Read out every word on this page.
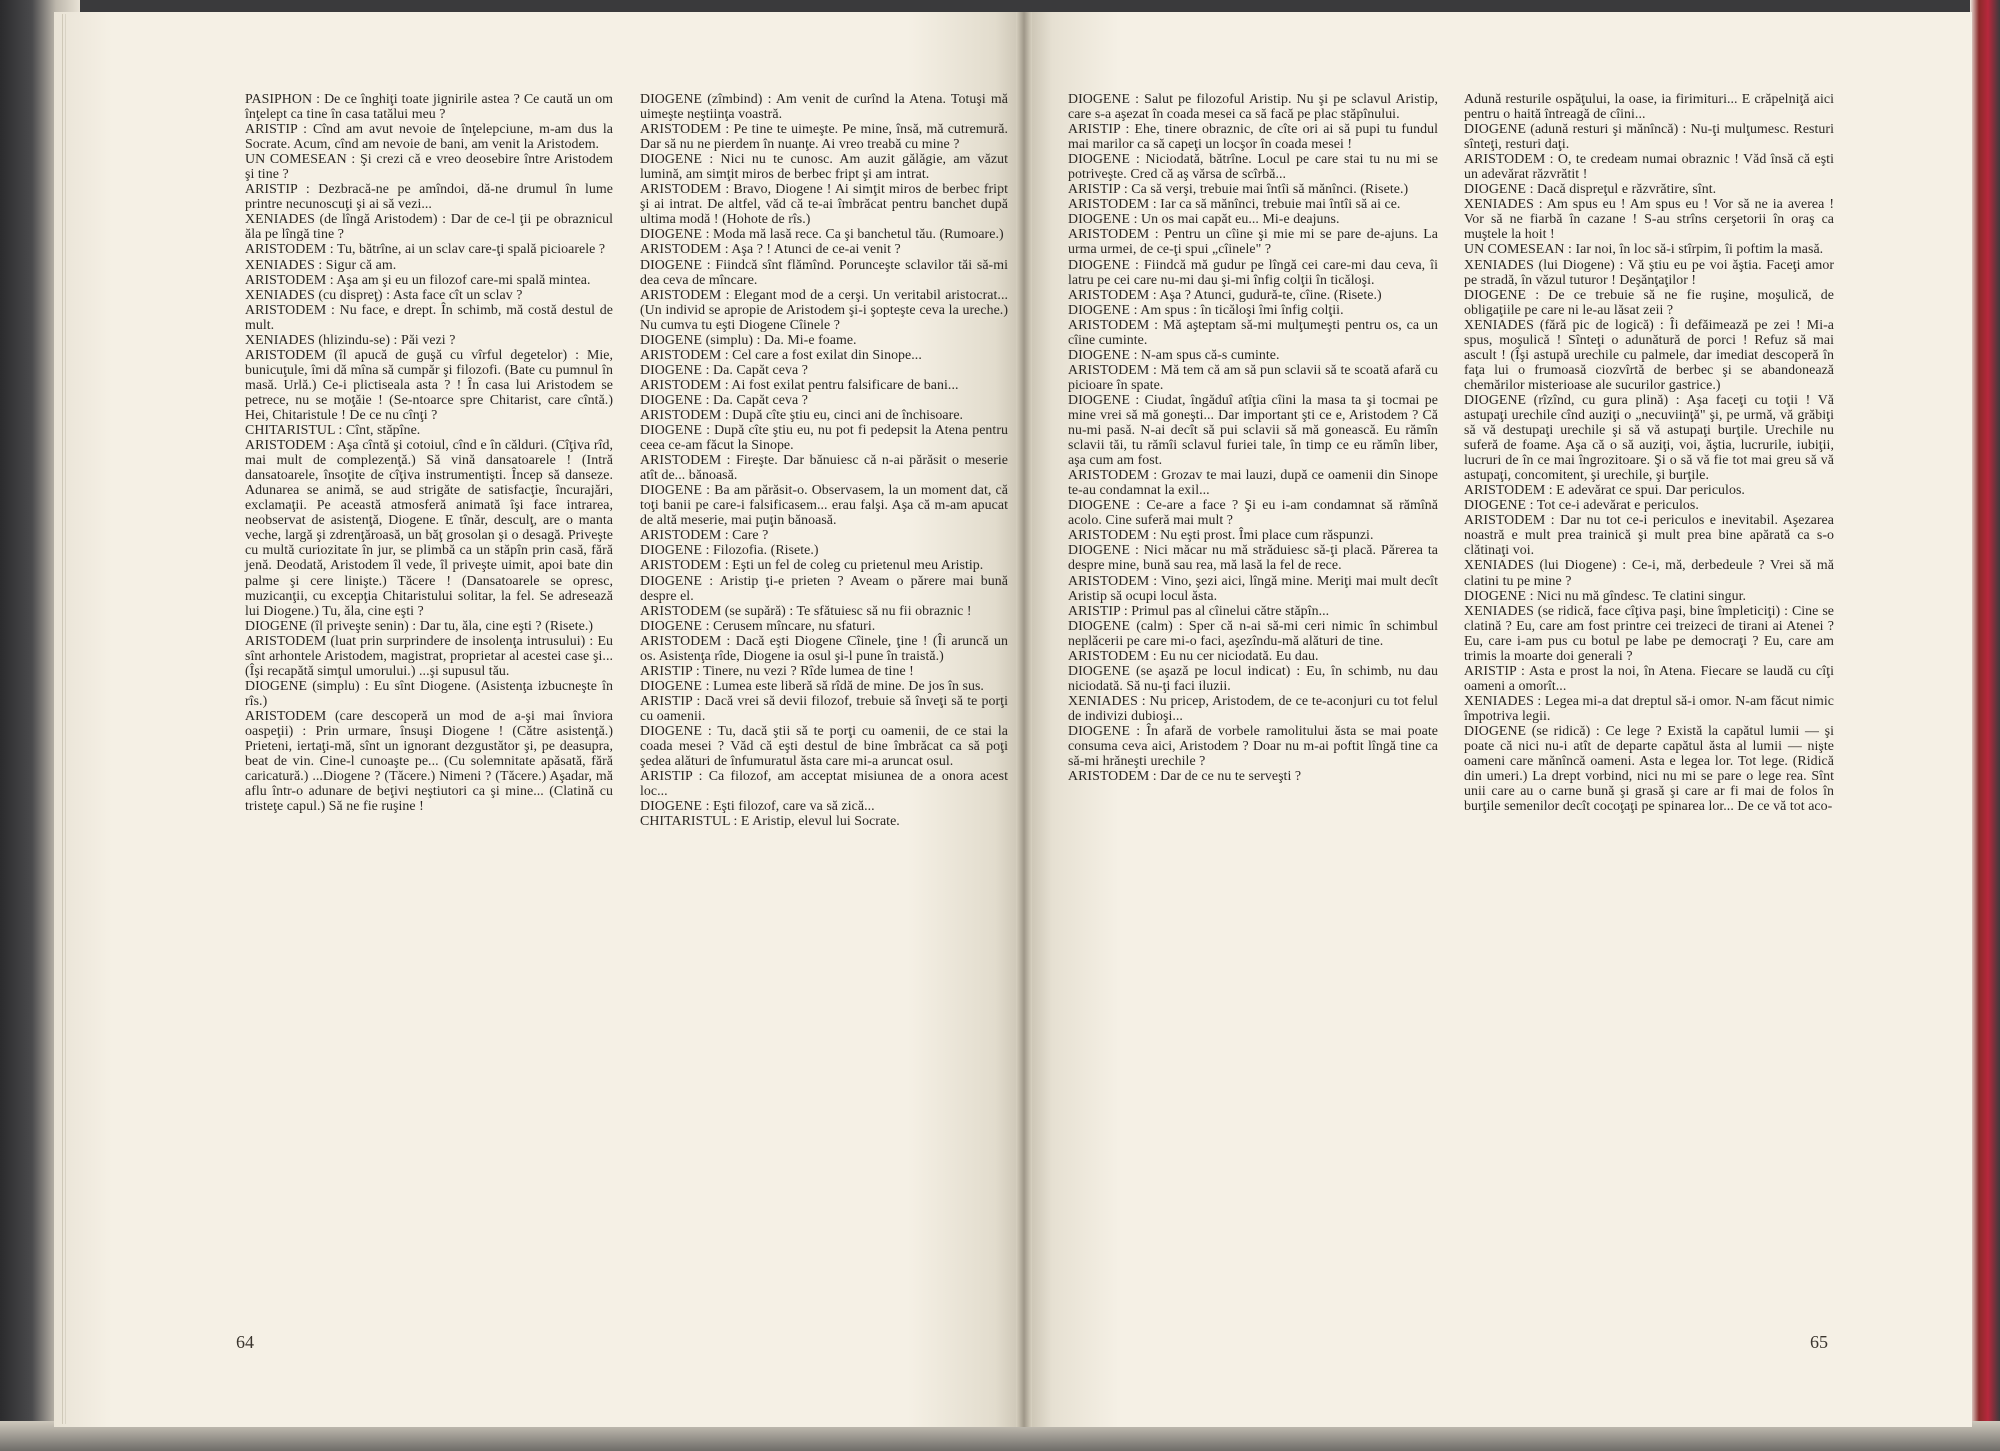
PASIPHON : De ce înghiţi toate jignirile astea ? Ce caută un om înţelept ca tine în casa tatălui meu ?

ARISTIP : Cînd am avut nevoie de înţelepciune, m-am dus la Socrate. Acum, cînd am nevoie de bani, am venit la Aristodem.

UN COMESEAN : Şi crezi că e vreo deosebire între Aristodem şi tine ?

ARISTIP : Dezbracă-ne pe amîndoi, dă-ne drumul în lume printre necunoscuţi şi ai să vezi...

XENIADES (de lîngă Aristodem) : Dar de ce-l ţii pe obraznicul ăla pe lîngă tine ?

ARISTODEM : Tu, bătrîne, ai un sclav care-ţi spală picioarele ?

XENIADES : Sigur că am.

ARISTODEM : Aşa am şi eu un filozof care-mi spală mintea.

XENIADES (cu dispreţ) : Asta face cît un sclav ?

ARISTODEM : Nu face, e drept. În schimb, mă costă destul de mult.

XENIADES (hlizindu-se) : Păi vezi ?

ARISTODEM (îl apucă de guşă cu vîrful degetelor) : Mie, bunicuţule, îmi dă mîna să cumpăr şi filozofi. (Bate cu pumnul în masă. Urlă.) Ce-i plictiseala asta ? ! În casa lui Aristodem se petrece, nu se moţăie ! (Se-ntoarce spre Chitarist, care cîntă.) Hei, Chitaristule ! De ce nu cînţi ?

CHITARISTUL : Cînt, stăpîne.

ARISTODEM : Aşa cîntă şi cotoiul, cînd e în călduri. (Cîţiva rîd, mai mult de complezenţă.) Să vină dansatoarele ! (Intră dansatoarele, însoţite de cîţiva instrumentişti. Încep să danseze. Adunarea se animă, se aud strigăte de satisfacţie, încurajări, exclamaţii. Pe această atmosferă animată îşi face intrarea, neobservat de asistenţă, Diogene. E tînăr, desculţ, are o manta veche, largă şi zdrenţăroasă, un băţ grosolan şi o desagă. Priveşte cu multă curiozitate în jur, se plimbă ca un stăpîn prin casă, fără jenă. Deodată, Aristodem îl vede, îl priveşte uimit, apoi bate din palme şi cere linişte.) Tăcere ! (Dansatoarele se opresc, muzicanţii, cu excepţia Chitaristului solitar, la fel. Se adresează lui Diogene.) Tu, ăla, cine eşti ?

DIOGENE (îl priveşte senin) : Dar tu, ăla, cine eşti ? (Risete.)

ARISTODEM (luat prin surprindere de insolenţa intrusului) : Eu sînt arhontele Aristodem, magistrat, proprietar al acestei case şi... (Îşi recapătă simţul umorului.) ...şi supusul tău.

DIOGENE (simplu) : Eu sînt Diogene. (Asistenţa izbucneşte în rîs.)

ARISTODEM (care descoperă un mod de a-şi mai înviora oaspeţii) : Prin urmare, însuşi Diogene ! (Către asistenţă.) Prieteni, iertaţi-mă, sînt un ignorant dezgustător şi, pe deasupra, beat de vin. Cine-l cunoaşte pe... (Cu solemnitate apăsată, fără caricatură.) ...Diogene ? (Tăcere.) Nimeni ? (Tăcere.) Aşadar, mă aflu într-o adunare de beţivi neştiutori ca şi mine... (Clatină cu tristeţe capul.) Să ne fie ruşine !

DIOGENE (zîmbind) : Am venit de curînd la Atena. Totuşi mă uimeşte neştiinţa voastră.

ARISTODEM : Pe tine te uimeşte. Pe mine, însă, mă cutremură. Dar să nu ne pierdem în nuanţe. Ai vreo treabă cu mine ?

DIOGENE : Nici nu te cunosc. Am auzit gălăgie, am văzut lumină, am simţit miros de berbec fript şi am intrat.

ARISTODEM : Bravo, Diogene ! Ai simţit miros de berbec fript şi ai intrat. De altfel, văd că te-ai îmbrăcat pentru banchet după ultima modă ! (Hohote de rîs.)

DIOGENE : Moda mă lasă rece. Ca şi banchetul tău. (Rumoare.)

ARISTODEM : Aşa ? ! Atunci de ce-ai venit ?

DIOGENE : Fiindcă sînt flămînd. Porunceşte sclavilor tăi să-mi dea ceva de mîncare.

ARISTODEM : Elegant mod de a cerşi. Un veritabil aristocrat... (Un individ se apropie de Aristodem şi-i şopteşte ceva la ureche.) Nu cumva tu eşti Diogene Cîinele ?

DIOGENE (simplu) : Da. Mi-e foame.

ARISTODEM : Cel care a fost exilat din Sinope...

DIOGENE : Da. Capăt ceva ?

ARISTODEM : Ai fost exilat pentru falsificare de bani...

DIOGENE : Da. Capăt ceva ?

ARISTODEM : După cîte ştiu eu, cinci ani de închisoare.

DIOGENE : După cîte ştiu eu, nu pot fi pedepsit la Atena pentru ceea ce-am făcut la Sinope.

ARISTODEM : Fireşte. Dar bănuiesc că n-ai părăsit o meserie atît de... bănoasă.

DIOGENE : Ba am părăsit-o. Observasem, la un moment dat, că toţi banii pe care-i falsificasem... erau falşi. Aşa că m-am apucat de altă meserie, mai puţin bănoasă.

ARISTODEM : Care ?

DIOGENE : Filozofia. (Risete.)

ARISTODEM : Eşti un fel de coleg cu prietenul meu Aristip.

DIOGENE : Aristip ţi-e prieten ? Aveam o părere mai bună despre el.

ARISTODEM (se supără) : Te sfătuiesc să nu fii obraznic !

DIOGENE : Cerusem mîncare, nu sfaturi.

ARISTODEM : Dacă eşti Diogene Cîinele, ţine ! (Îi aruncă un os. Asistenţa rîde, Diogene ia osul şi-l pune în traistă.)

ARISTIP : Tinere, nu vezi ? Rîde lumea de tine !

DIOGENE : Lumea este liberă să rîdă de mine. De jos în sus.

ARISTIP : Dacă vrei să devii filozof, trebuie să înveţi să te porţi cu oamenii.

DIOGENE : Tu, dacă ştii să te porţi cu oamenii, de ce stai la coada mesei ? Văd că eşti destul de bine îmbrăcat ca să poţi şedea alături de înfumuratul ăsta care mi-a aruncat osul.

ARISTIP : Ca filozof, am acceptat misiunea de a onora acest loc...

DIOGENE : Eşti filozof, care va să zică...

CHITARISTUL : E Aristip, elevul lui Socrate.

DIOGENE : Salut pe filozoful Aristip. Nu şi pe sclavul Aristip, care s-a aşezat în coada mesei ca să facă pe plac stăpînului.

ARISTIP : Ehe, tinere obraznic, de cîte ori ai să pupi tu fundul mai marilor ca să capeţi un locşor în coada mesei !

DIOGENE : Niciodată, bătrîne. Locul pe care stai tu nu mi se potriveşte. Cred că aş vărsa de scîrbă...

ARISTIP : Ca să verşi, trebuie mai întîi să mănînci. (Risete.)

ARISTODEM : Iar ca să mănînci, trebuie mai întîi să ai ce.

DIOGENE : Un os mai capăt eu... Mi-e deajuns.

ARISTODEM : Pentru un cîine şi mie mi se pare de-ajuns. La urma urmei, de ce-ţi spui „cîinele" ?

DIOGENE : Fiindcă mă gudur pe lîngă cei care-mi dau ceva, îi latru pe cei care nu-mi dau şi-mi înfig colţii în ticăloşi.

ARISTODEM : Aşa ? Atunci, gudură-te, cîine. (Risete.)

DIOGENE : Am spus : în ticăloşi îmi înfig colţii.

ARISTODEM : Mă aşteptam să-mi mulţumeşti pentru os, ca un cîine cuminte.

DIOGENE : N-am spus că-s cuminte.

ARISTODEM : Mă tem că am să pun sclavii să te scoată afară cu picioare în spate.

DIOGENE : Ciudat, îngăduî atîţia cîini la masa ta şi tocmai pe mine vrei să mă goneşti... Dar important şti ce e, Aristodem ? Că nu-mi pasă. N-ai decît să pui sclavii să mă gonească. Eu rămîn sclavii tăi, tu rămîi sclavul furiei tale, în timp ce eu rămîn liber, aşa cum am fost.

ARISTODEM : Grozav te mai lauzi, după ce oamenii din Sinope te-au condamnat la exil...

DIOGENE : Ce-are a face ? Şi eu i-am condamnat să rămînă acolo. Cine suferă mai mult ?

ARISTODEM : Nu eşti prost. Îmi place cum răspunzi.

DIOGENE : Nici măcar nu mă străduiesc să-ţi placă. Părerea ta despre mine, bună sau rea, mă lasă la fel de rece.

ARISTODEM : Vino, şezi aici, lîngă mine. Meriţi mai mult decît Aristip să ocupi locul ăsta.

ARISTIP : Primul pas al cîinelui către stăpîn...

DIOGENE (calm) : Sper că n-ai să-mi ceri nimic în schimbul neplăcerii pe care mi-o faci, aşezîndu-mă alături de tine.

ARISTODEM : Eu nu cer niciodată. Eu dau.

DIOGENE (se aşază pe locul indicat) : Eu, în schimb, nu dau niciodată. Să nu-ţi faci iluzii.

XENIADES : Nu pricep, Aristodem, de ce te-aconjuri cu tot felul de indivizi dubioşi...

DIOGENE : În afară de vorbele ramolitului ăsta se mai poate consuma ceva aici, Aristodem ? Doar nu m-ai poftit lîngă tine ca să-mi hrăneşti urechile ?

ARISTODEM : Dar de ce nu te serveşti ?

Adună resturile ospăţului, la oase, ia firimituri... E crăpelniţă aici pentru o haită întreagă de cîini...

DIOGENE (adună resturi şi mănîncă) : Nu-ţi mulţumesc. Resturi sînteţi, resturi daţi.

ARISTODEM : O, te credeam numai obraznic ! Văd însă că eşti un adevărat răzvrătit !

DIOGENE : Dacă dispreţul e răzvrătire, sînt.

XENIADES : Am spus eu ! Am spus eu ! Vor să ne ia averea ! Vor să ne fiarbă în cazane ! S-au strîns cerşetorii în oraş ca muştele la hoit !

UN COMESEAN : Iar noi, în loc să-i stîrpim, îi poftim la masă.

XENIADES (lui Diogene) : Vă ştiu eu pe voi ăştia. Faceţi amor pe stradă, în văzul tuturor ! Deşănţaţilor !

DIOGENE : De ce trebuie să ne fie ruşine, moşulică, de obligaţiile pe care ni le-au lăsat zeii ?

XENIADES (fără pic de logică) : Îi defăimează pe zei ! Mi-a spus, moşulică ! Sînteţi o adunătură de porci ! Refuz să mai ascult ! (Îşi astupă urechile cu palmele, dar imediat descoperă în faţa lui o frumoasă ciozvîrtă de berbec şi se abandonează chemărilor misterioase ale sucurilor gastrice.)

DIOGENE (rîzînd, cu gura plină) : Aşa faceţi cu toţii ! Vă astupaţi urechile cînd auziţi o „necuviinţă" şi, pe urmă, vă grăbiţi să vă destupaţi urechile şi să vă astupaţi burţile. Urechile nu suferă de foame. Aşa că o să auziţi, voi, ăştia, lucrurile, iubiţii, lucruri de în ce mai îngrozitoare. Şi o să vă fie tot mai greu să vă astupaţi, concomitent, şi urechile, şi burţile.

ARISTODEM : E adevărat ce spui. Dar periculos.

DIOGENE : Tot ce-i adevărat e periculos.

ARISTODEM : Dar nu tot ce-i periculos e inevitabil. Aşezarea noastră e mult prea trainică şi mult prea bine apărată ca s-o clătinaţi voi.

XENIADES (lui Diogene) : Ce-i, mă, derbedeule ? Vrei să mă clatini tu pe mine ?

DIOGENE : Nici nu mă gîndesc. Te clatini singur.

XENIADES (se ridică, face cîţiva paşi, bine împleticiţi) : Cine se clatină ? Eu, care am fost printre cei treizeci de tirani ai Atenei ? Eu, care i-am pus cu botul pe labe pe democraţi ? Eu, care am trimis la moarte doi generali ?

ARISTIP : Asta e prost la noi, în Atena. Fiecare se laudă cu cîţi oameni a omorît...

XENIADES : Legea mi-a dat dreptul să-i omor. N-am făcut nimic împotriva legii.

DIOGENE (se ridică) : Ce lege ? Există la capătul lumii — şi poate că nici nu-i atît de departe capătul ăsta al lumii — nişte oameni care mănîncă oameni. Asta e legea lor. Tot lege. (Ridică din umeri.) La drept vorbind, nici nu mi se pare o lege rea. Sînt unii care au o carne bună şi grasă şi care ar fi mai de folos în burţile semenilor decît cocoţaţi pe spinarea lor... De ce vă tot aco-

64	65
